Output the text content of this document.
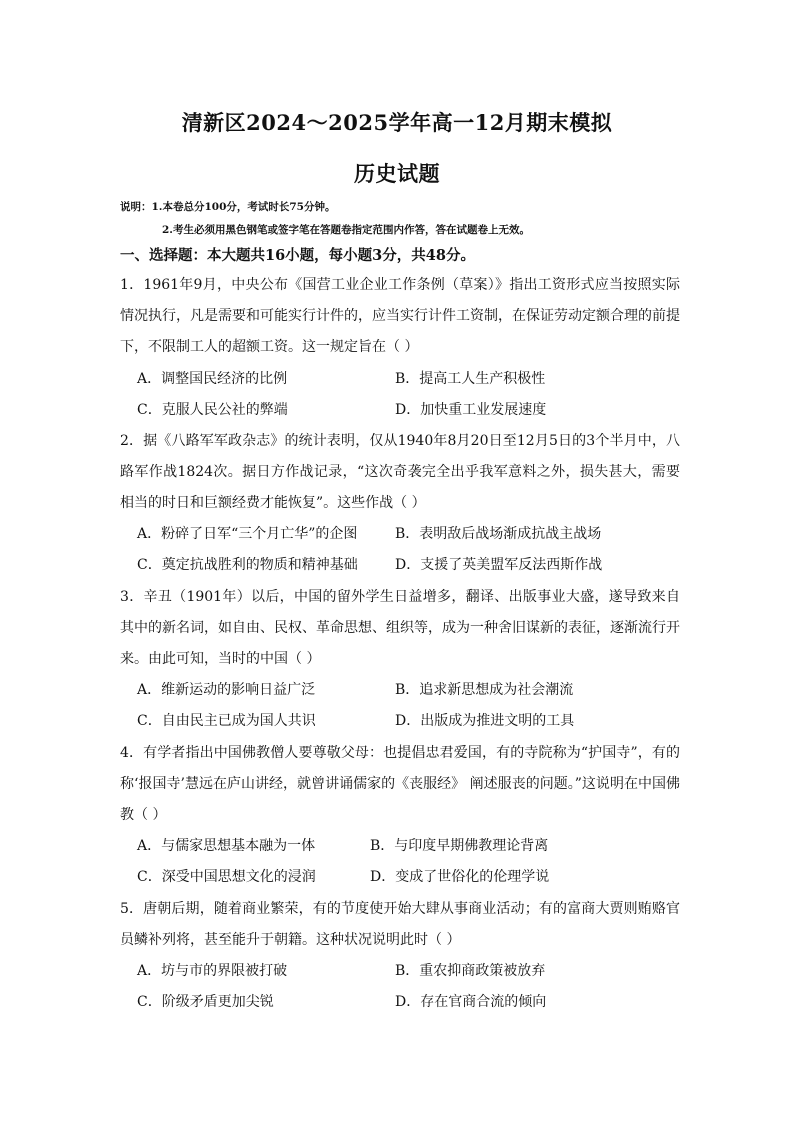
清新区2024～2025学年高一12月期末模拟
历史试题
说明：1.本卷总分100分，考试时长75分钟。
2.考生必须用黑色钢笔或签字笔在答题卷指定范围内作答，答在试题卷上无效。
一、选择题：本大题共16小题，每小题3分，共48分。
1．1961年9月，中央公布《国营工业企业工作条例（草案）》指出工资形式应当按照实际情况执行，凡是需要和可能实行计件的，应当实行计件工资制，在保证劳动定额合理的前提下，不限制工人的超额工资。这一规定旨在（ ）
A．调整国民经济的比例	B．提高工人生产积极性
C．克服人民公社的弊端	D．加快重工业发展速度
2．据《八路军军政杂志》的统计表明，仅从1940年8月20日至12月5日的3个半月中，八路军作战1824次。据日方作战记录，“这次奇袭完全出乎我军意料之外，损失甚大，需要相当的时日和巨额经费才能恢复”。这些作战（ ）
A．粉碎了日军“三个月亡华”的企图	B．表明敌后战场渐成抗战主战场
C．奠定抗战胜利的物质和精神基础	D．支援了英美盟军反法西斯作战
3．辛丑（1901年）以后，中国的留外学生日益增多，翻译、出版事业大盛，遂导致来自其中的新名词，如自由、民权、革命思想、组织等，成为一种舍旧谋新的表征，逐渐流行开来。由此可知，当时的中国（ ）
A．维新运动的影响日益广泛	B．追求新思想成为社会潮流
C．自由民主已成为国人共识	D．出版成为推进文明的工具
4．有学者指出中国佛教僧人要尊敬父母：也提倡忠君爱国，有的寺院称为“护国寺”，有的称‘报国寺’慧远在庐山讲经，就曾讲诵儒家的《丧服经》 阐述服丧的问题。”这说明在中国佛教（ ）
A．与儒家思想基本融为一体	B．与印度早期佛教理论背离
C．深受中国思想文化的浸润	D．变成了世俗化的伦理学说
5．唐朝后期，随着商业繁荣，有的节度使开始大肆从事商业活动；有的富商大贾则贿赂官员鳞补列将，甚至能升于朝籍。这种状况说明此时（ ）
A．坊与市的界限被打破	B．重农抑商政策被放弃
C．阶级矛盾更加尖锐	D．存在官商合流的倾向
